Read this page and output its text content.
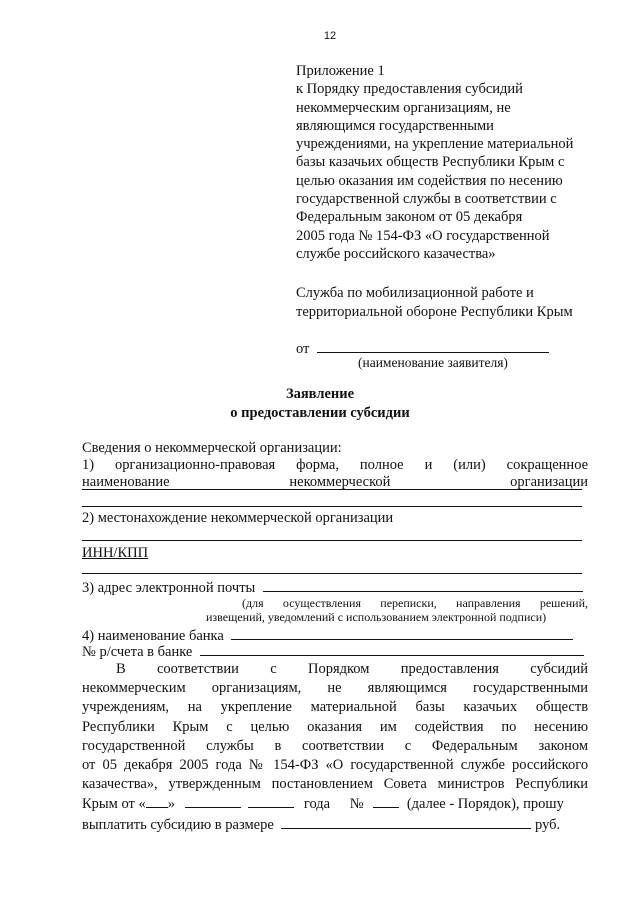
12
Приложение 1
к Порядку предоставления субсидий
некоммерческим организациям, не
являющимся государственными
учреждениями, на укрепление материальной
базы казачьих обществ Республики Крым с
целью оказания им содействия по несению
государственной службы в соответствии с
Федеральным законом от 05 декабря
2005 года № 154-ФЗ «О государственной
службе российского казачества»
Служба по мобилизационной работе и
территориальной обороне Республики Крым
от
(наименование заявителя)
Заявление
о предоставлении субсидии
Сведения о некоммерческой организации:
1) организационно-правовая форма, полное и (или) сокращенное
наименование	некоммерческой	организации
2) местонахождение некоммерческой организации
ИНН/КПП
3) адрес электронной почты
(для осуществления переписки, направления решений,
извещений, уведомлений с использованием электронной подписи)
4) наименование банка
№ р/счета в банке
В соответствии с Порядком предоставления субсидий
некоммерческим организациям, не являющимся государственными
учреждениям, на укрепление материальной базы казачьих обществ
Республики Крым с целью оказания им содействия по несению
государственной службы в соответствии с Федеральным законом
от 05 декабря 2005 года № 154-ФЗ «О государственной службе российского
казачества», утвержденным постановлением Совета министров Республики
Крым от « »	года №	(далее - Порядок), прошу
выплатить субсидию в размере	руб.
